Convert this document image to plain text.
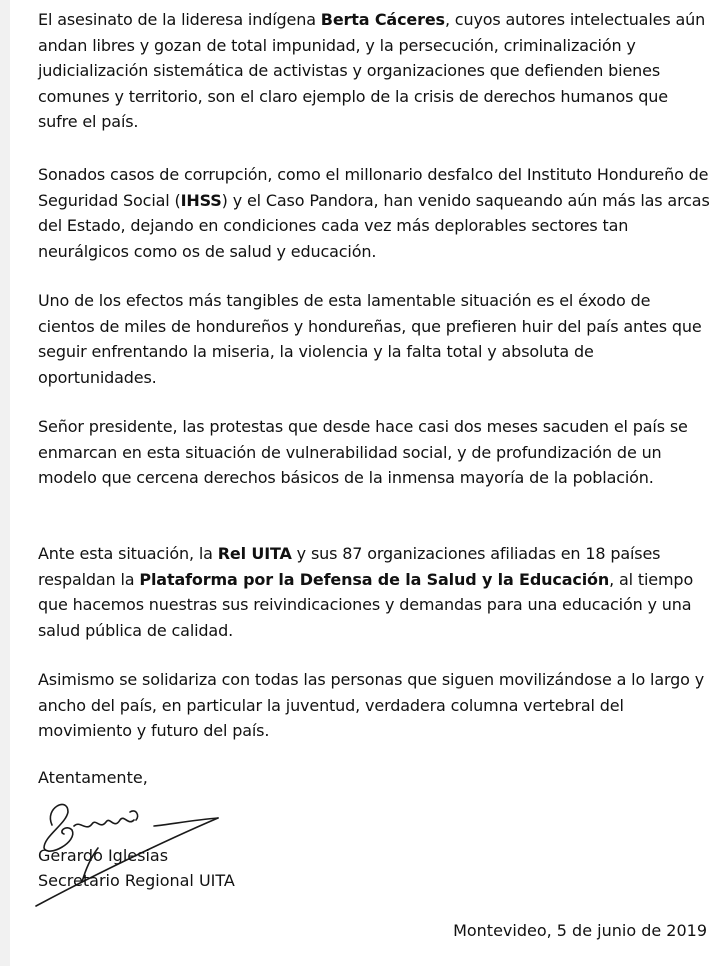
El asesinato de la lideresa indígena Berta Cáceres, cuyos autores intelectuales aún andan libres y gozan de total impunidad, y la persecución, criminalización y judicialización sistemática de activistas y organizaciones que defienden bienes comunes y territorio, son el claro ejemplo de la crisis de derechos humanos que sufre el país.

Sonados casos de corrupción, como el millonario desfalco del Instituto Hondureño de Seguridad Social (IHSS) y el Caso Pandora, han venido saqueando aún más las arcas del Estado, dejando en condiciones cada vez más deplorables sectores tan neurálgicos como os de salud y educación.

Uno de los efectos más tangibles de esta lamentable situación es el éxodo de cientos de miles de hondureños y hondureñas, que prefieren huir del país antes que seguir enfrentando la miseria, la violencia y la falta total y absoluta de oportunidades.

Señor presidente, las protestas que desde hace casi dos meses sacuden el país se enmarcan en esta situación de vulnerabilidad social, y de profundización de un modelo que cercena derechos básicos de la inmensa mayoría de la población.

Ante esta situación, la Rel UITA y sus 87 organizaciones afiliadas en 18 países respaldan la Plataforma por la Defensa de la Salud y la Educación, al tiempo que hacemos nuestras sus reivindicaciones y demandas para una educación y una salud pública de calidad.

Asimismo se solidariza con todas las personas que siguen movilizándose a lo largo y ancho del país, en particular la juventud, verdadera columna vertebral del movimiento y futuro del país.

Atentamente,

Gerardo Iglesias

Secretario Regional UITA

Montevideo, 5 de junio de 2019
